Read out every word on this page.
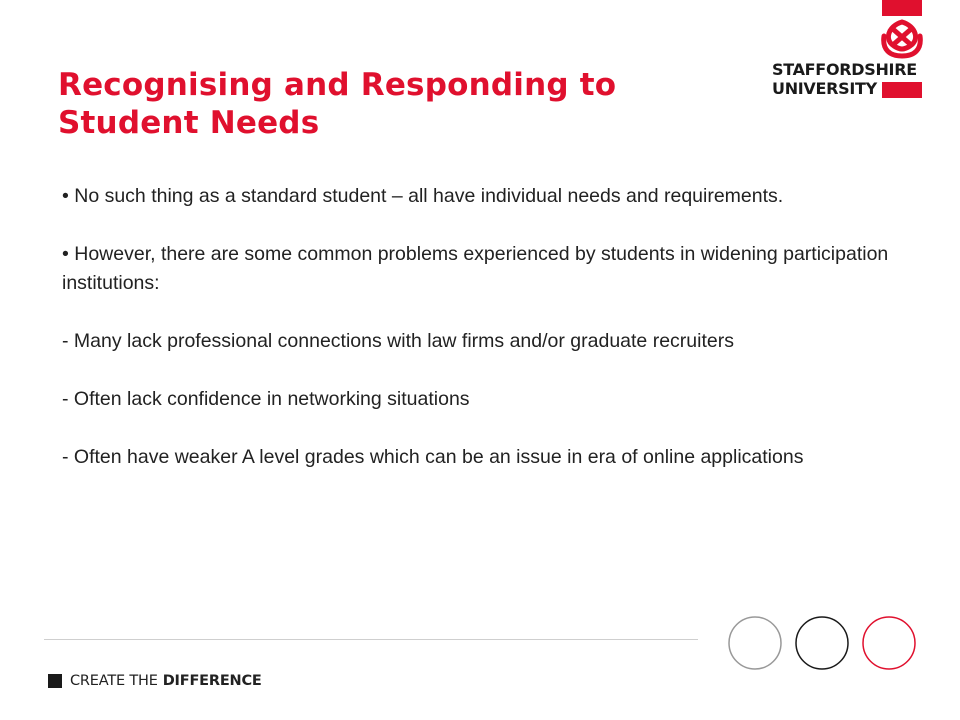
Recognising and Responding to
Student Needs
STAFFORDSHIRE
UNIVERSITY

• No such thing as a standard student – all have individual needs and requirements.

• However, there are some common problems experienced by students in widening participation institutions:

- Many lack professional connections with law firms and/or graduate recruiters

- Often lack confidence in networking situations

- Often have weaker A level grades which can be an issue in era of online applications

CREATE THE DIFFERENCE
